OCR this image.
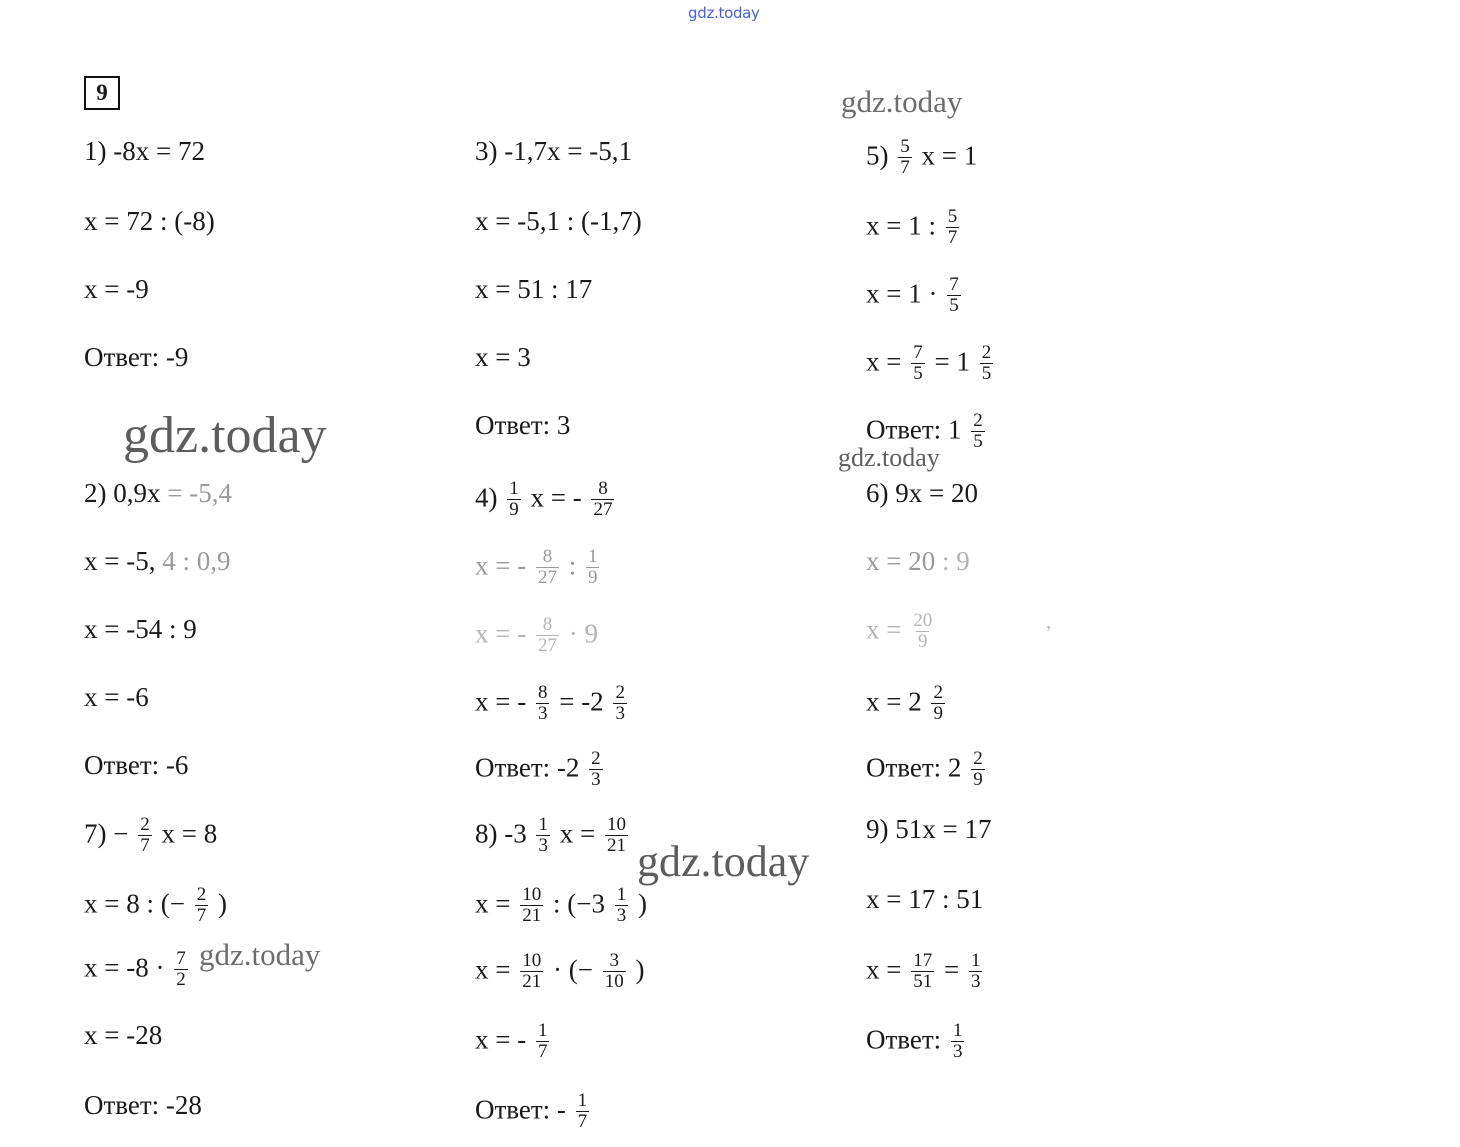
gdz.today
gdz.today
gdz.today
gdz.today
gdz.today
gdz.today
9
1) -8x = 72
x = 72 : (-8)
x = -9
Ответ: -9
2) 0,9x = -5,4
x = -5, 4 : 0,9
x = -54 : 9
x = -6
Ответ: -6
$7) - \frac{2}{7}$ x = 8
x = 8 : (− $\frac{2}{7}$ )
$x = -8 \cdot \frac{7}{2}$
x = -28
Ответ: -28
3) -1,7x = -5,1
x = -5,1 : (-1,7)
x = 51 : 17
x = 3
Ответ: 3
$4) \frac{1}{9}$ x = - $\frac{8}{27}$
x = - $\frac{8}{27}$ : $\frac{1}{9}$
x = - $\frac{8}{27} \cdot 9$
x = - $\frac{8}{3} = -2 \frac{2}{3}$
Ответ: $-2 \frac{2}{3}$
8) $-3 \frac{1}{3}$ $x = \frac{10}{21}$
$x = \frac{10}{21}$ : ($-3 \frac{1}{3}$ )
$x = \frac{10}{21}$ · (− $\frac{3}{10}$ )
x = - $\frac{1}{7}$
Ответ: - $\frac{1}{7}$
$5) \frac{5}{7}$ x = 1
x = 1 : $\frac{5}{7}$
$x = 1 \cdot \frac{7}{5}$
$x = \frac{7}{5} = 1 \frac{2}{5}$
Ответ: $1 \frac{2}{5}$
6) 9x = 20
x = 20 : 9
$x = \frac{20}{9}$
$x = 2 \frac{2}{9}$
Ответ: $2 \frac{2}{9}$
9) 51x = 17
x = 17 : 51
$x = \frac{17}{51} = \frac{1}{3}$
Ответ: $\frac{1}{3}$
,
